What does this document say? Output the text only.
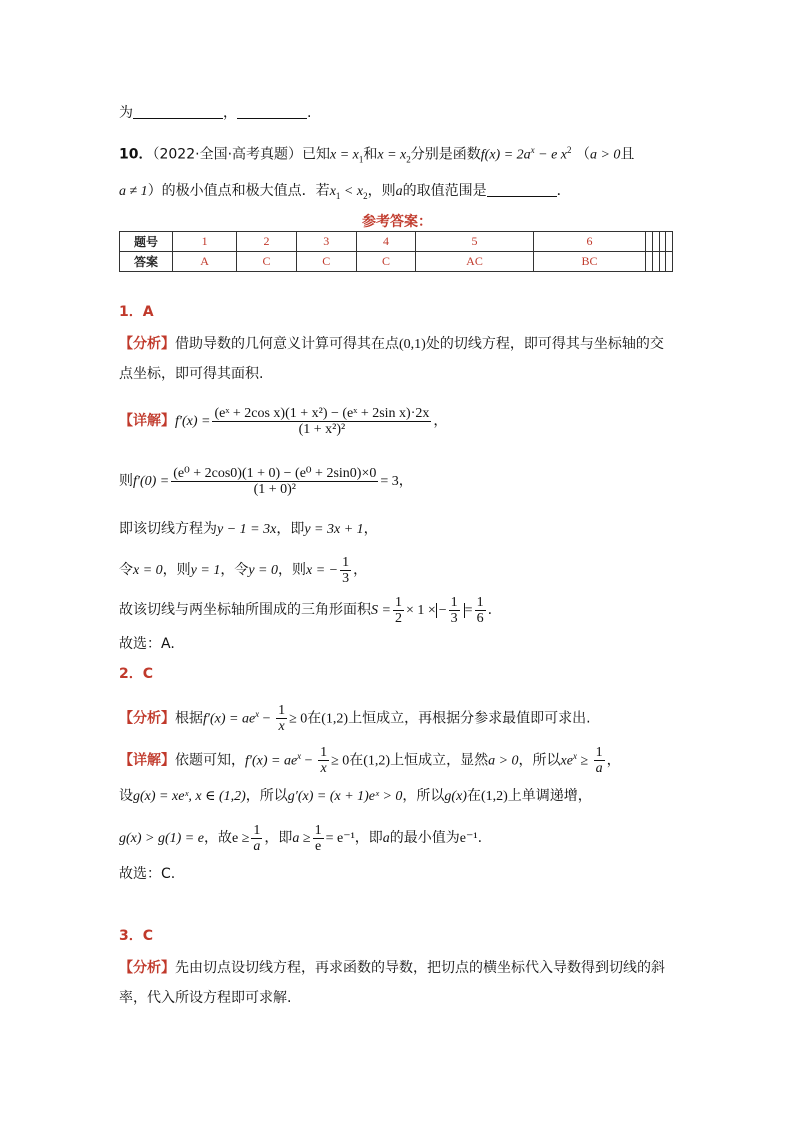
为	，	.
10．（2022·全国·高考真题）已知$x = x_1$和$x = x_2$分别是函数$f(x) = 2a^x - e$ $x^2$ （a > 0且
a ≠ 1）的极小值点和极大值点．若$x_1 < x_2$，则a的取值范围是	．
参考答案：
题号	1	2	3	4	5	6				
答案	A	C	C	C	AC	BC				
1．A
【分析】借助导数的几何意义计算可得其在点(0,1)处的切线方程，即可得其与坐标轴的交
点坐标，即可得其面积.
【详解】$f'(x) = \frac{\text{(eˣ + 2cos x)(1 + x²) − (eˣ + 2sin x)·2x}}{\text{(1 + x²)²}}$ ，
则$f'(0) = \frac{\text{(e⁰ + 2cos0)(1 + 0) − (e⁰ + 2sin0)×0}}{\text{(1 + 0)²}} = 3$，
即该切线方程为y − 1 = 3x，即y = 3x + 1，
令x = 0，则y = 1，令y = 0，则x = − $\frac{1}{3}$ ，
故该切线与两坐标轴所围成的三角形面积$S = \frac{1}{2} \times 1$ × − $\frac{1}{3} = \frac{1}{6}$ .
故选：A.
2．C
【分析】根据$f'(x) = ae^x - \frac{1}{x} \ge 0$在(1,2)上恒成立，再根据分参求最值即可求出.
【详解】依题可知，$f'(x) = ae^x - \frac{1}{x} \ge 0$在(1,2)上恒成立，显然a > 0，所以$xe^x \ge \frac{1}{a}$ ，
设g(x) = xeˣ, x ∈ (1,2)，所以g′(x) = (x + 1)eˣ > 0，所以g(x)在(1,2)上单调递增，
g(x) > g(1) = e，故$e \ge \frac{1}{a}$ ，即$a \ge \frac{1}{e} = e^{-1}$，即a的最小值为e⁻¹.
故选：C.
3．C
【分析】先由切点设切线方程，再求函数的导数，把切点的横坐标代入导数得到切线的斜
率，代入所设方程即可求解.
